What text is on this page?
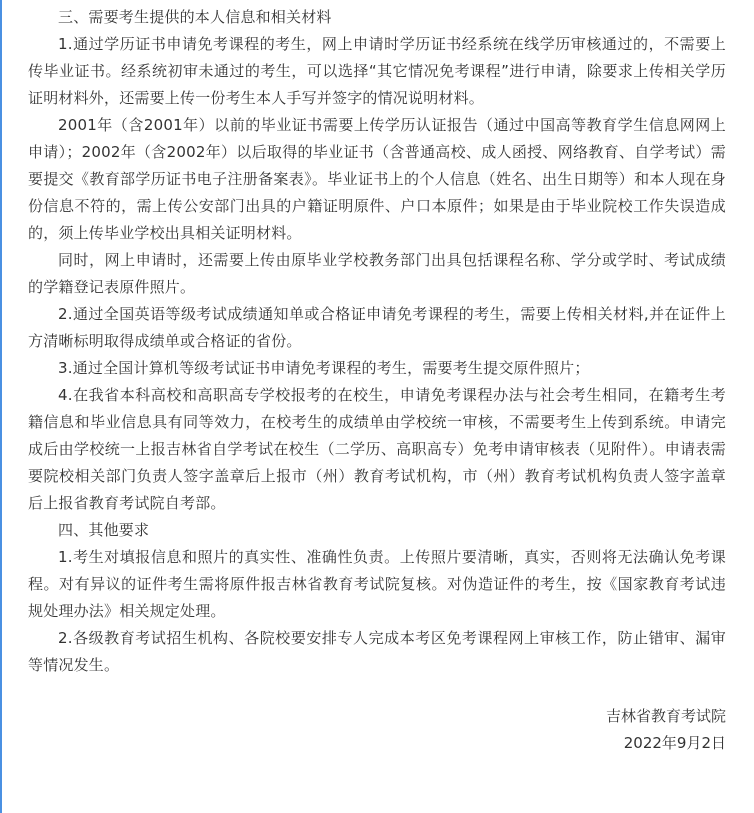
三、需要考生提供的本人信息和相关材料

1.通过学历证书申请免考课程的考生，网上申请时学历证书经系统在线学历审核通过的，不需要上传毕业证书。经系统初审未通过的考生，可以选择“其它情况免考课程”进行申请，除要求上传相关学历证明材料外，还需要上传一份考生本人手写并签字的情况说明材料。

2001年（含2001年）以前的毕业证书需要上传学历认证报告（通过中国高等教育学生信息网网上申请）；2002年（含2002年）以后取得的毕业证书（含普通高校、成人函授、网络教育、自学考试）需要提交《教育部学历证书电子注册备案表》。毕业证书上的个人信息（姓名、出生日期等）和本人现在身份信息不符的，需上传公安部门出具的户籍证明原件、户口本原件；如果是由于毕业院校工作失误造成的，须上传毕业学校出具相关证明材料。

同时，网上申请时，还需要上传由原毕业学校教务部门出具包括课程名称、学分或学时、考试成绩的学籍登记表原件照片。

2.通过全国英语等级考试成绩通知单或合格证申请免考课程的考生，需要上传相关材料,并在证件上方清晰标明取得成绩单或合格证的省份。

3.通过全国计算机等级考试证书申请免考课程的考生，需要考生提交原件照片；

4.在我省本科高校和高职高专学校报考的在校生，申请免考课程办法与社会考生相同，在籍考生考籍信息和毕业信息具有同等效力，在校考生的成绩单由学校统一审核，不需要考生上传到系统。申请完成后由学校统一上报吉林省自学考试在校生（二学历、高职高专）免考申请审核表（见附件）。申请表需要院校相关部门负责人签字盖章后上报市（州）教育考试机构，市（州）教育考试机构负责人签字盖章后上报省教育考试院自考部。

四、其他要求

1.考生对填报信息和照片的真实性、准确性负责。上传照片要清晰，真实，否则将无法确认免考课程。对有异议的证件考生需将原件报吉林省教育考试院复核。对伪造证件的考生，按《国家教育考试违规处理办法》相关规定处理。

2.各级教育考试招生机构、各院校要安排专人完成本考区免考课程网上审核工作，防止错审、漏审等情况发生。

吉林省教育考试院
2022年9月2日
